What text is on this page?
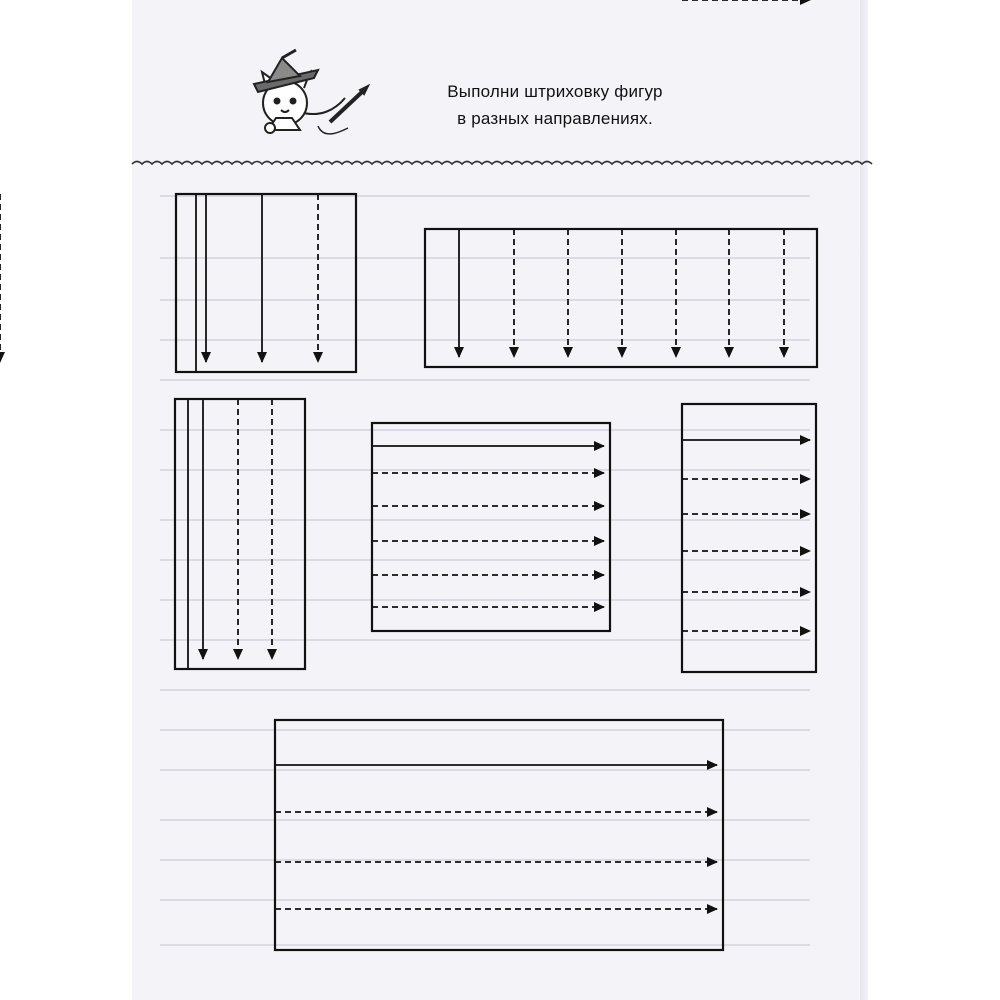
Выполни штриховку фигур
в разных направлениях.
